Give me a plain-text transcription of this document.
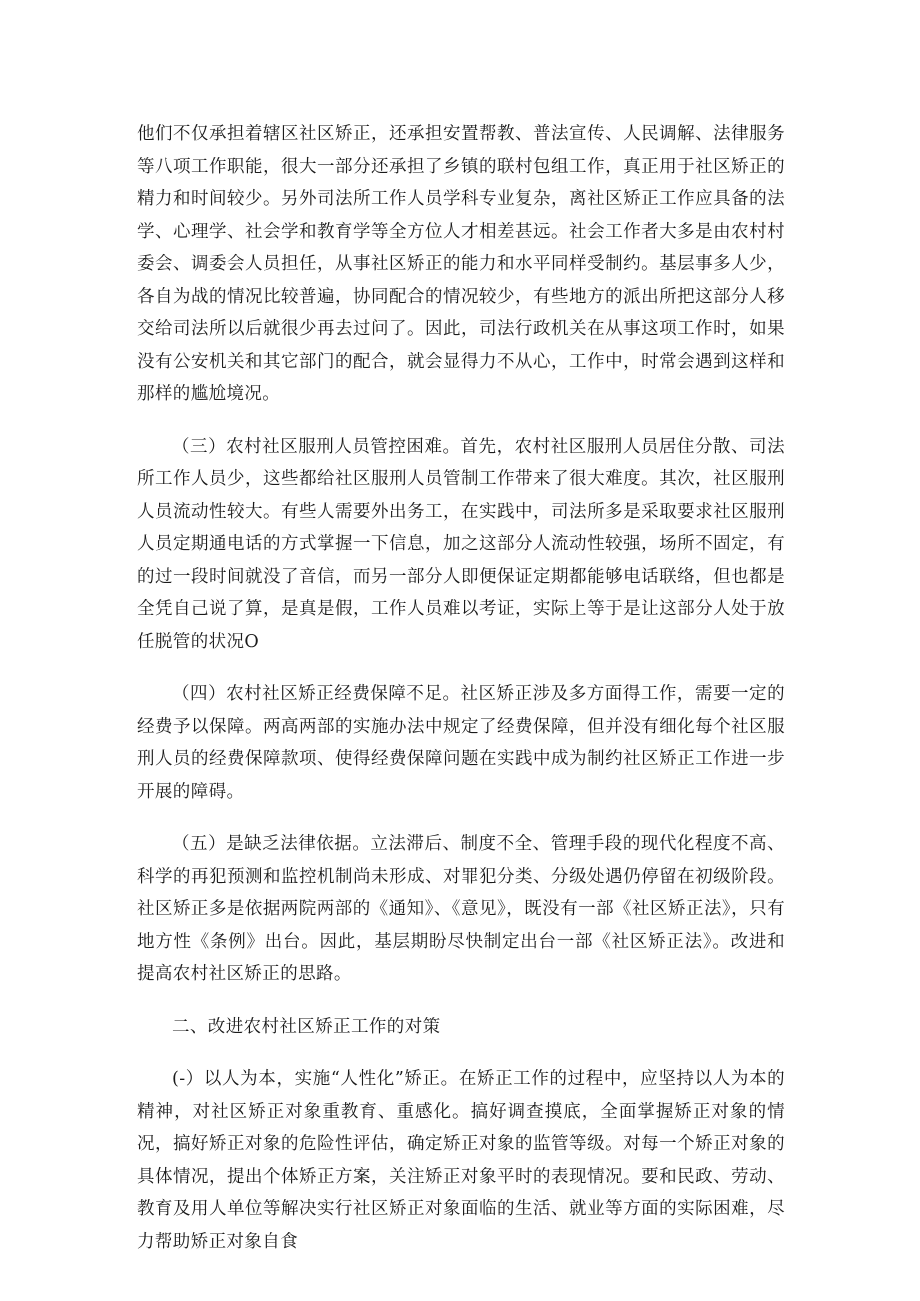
他们不仅承担着辖区社区矫正，还承担安置帮教、普法宣传、人民调解、法律服务等八项工作职能，很大一部分还承担了乡镇的联村包组工作，真正用于社区矫正的精力和时间较少。另外司法所工作人员学科专业复杂，离社区矫正工作应具备的法学、心理学、社会学和教育学等全方位人才相差甚远。社会工作者大多是由农村村委会、调委会人员担任，从事社区矫正的能力和水平同样受制约。基层事多人少，各自为战的情况比较普遍，协同配合的情况较少，有些地方的派出所把这部分人移交给司法所以后就很少再去过问了。因此，司法行政机关在从事这项工作时，如果没有公安机关和其它部门的配合，就会显得力不从心，工作中，时常会遇到这样和那样的尴尬境况。

（三）农村社区服刑人员管控困难。首先，农村社区服刑人员居住分散、司法所工作人员少，这些都给社区服刑人员管制工作带来了很大难度。其次，社区服刑人员流动性较大。有些人需要外出务工，在实践中，司法所多是采取要求社区服刑人员定期通电话的方式掌握一下信息，加之这部分人流动性较强，场所不固定，有的过一段时间就没了音信，而另一部分人即便保证定期都能够电话联络，但也都是全凭自己说了算，是真是假，工作人员难以考证，实际上等于是让这部分人处于放任脱管的状况O

（四）农村社区矫正经费保障不足。社区矫正涉及多方面得工作，需要一定的经费予以保障。两高两部的实施办法中规定了经费保障，但并没有细化每个社区服刑人员的经费保障款项、使得经费保障问题在实践中成为制约社区矫正工作进一步开展的障碍。

（五）是缺乏法律依据。立法滞后、制度不全、管理手段的现代化程度不高、科学的再犯预测和监控机制尚未形成、对罪犯分类、分级处遇仍停留在初级阶段。社区矫正多是依据两院两部的《通知》、《意见》，既没有一部《社区矫正法》，只有地方性《条例》出台。因此，基层期盼尽快制定出台一部《社区矫正法》。改进和提高农村社区矫正的思路。

二、改进农村社区矫正工作的对策

(-）以人为本，实施“人性化”矫正。在矫正工作的过程中，应坚持以人为本的精神，对社区矫正对象重教育、重感化。搞好调查摸底，全面掌握矫正对象的情况，搞好矫正对象的危险性评估，确定矫正对象的监管等级。对每一个矫正对象的具体情况，提出个体矫正方案，关注矫正对象平时的表现情况。要和民政、劳动、教育及用人单位等解决实行社区矫正对象面临的生活、就业等方面的实际困难，尽力帮助矫正对象自食
